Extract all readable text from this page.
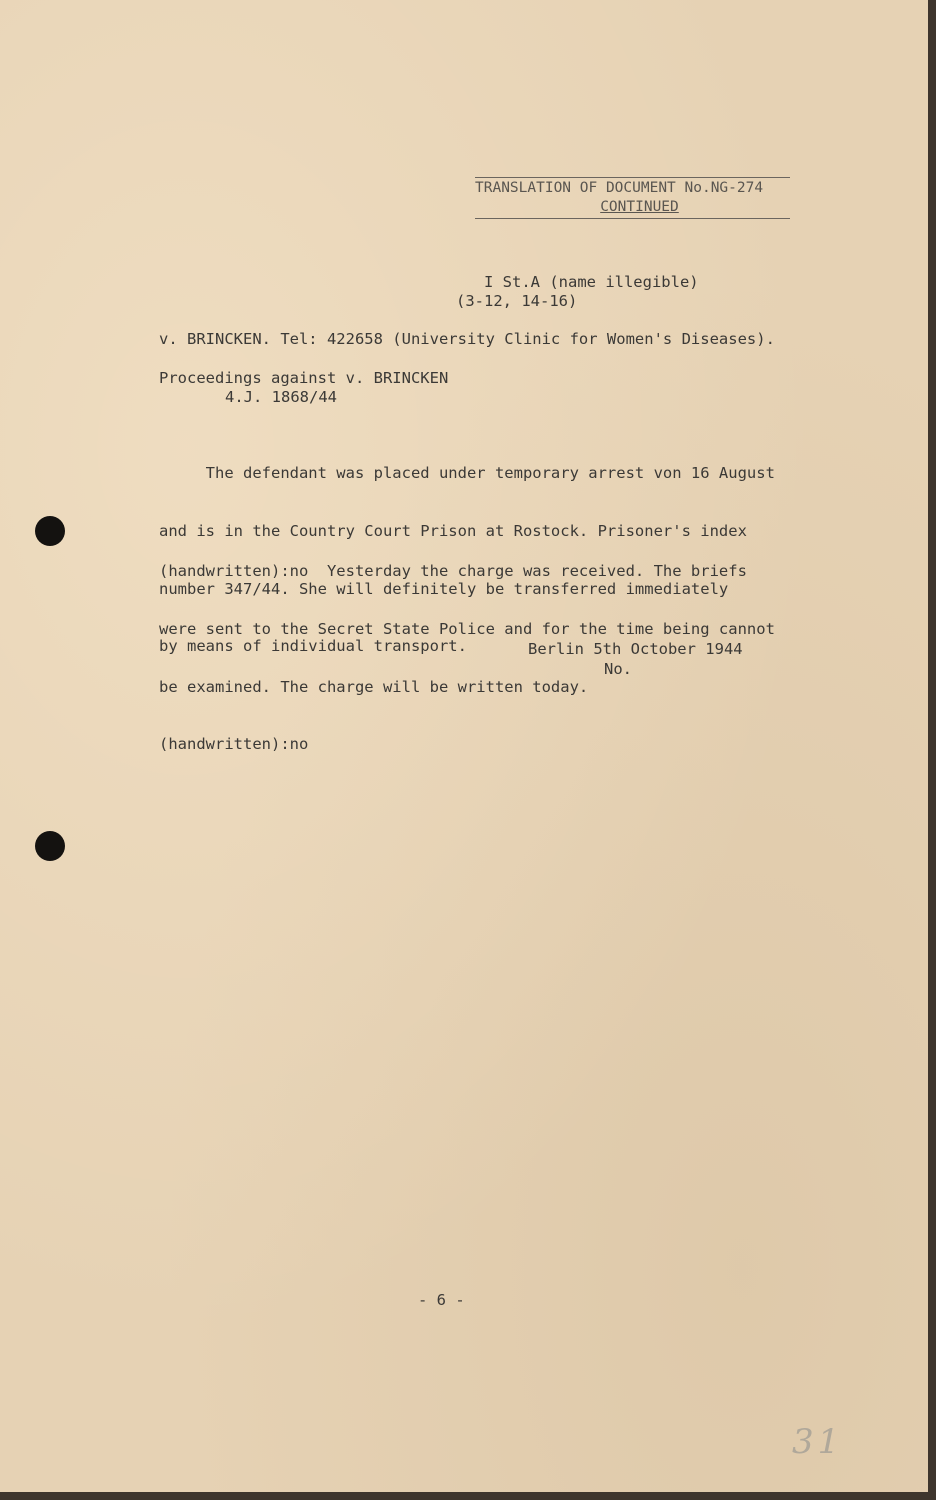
TRANSLATION OF DOCUMENT No.NG-274
CONTINUED
I St.A (name illegible)
(3-12, 14-16)
v. BRINCKEN. Tel: 422658 (University Clinic for Women's Diseases).
Proceedings against v. BRINCKEN
4.J. 1868/44

The defendant was placed under temporary arrest von 16 August

and is in the Country Court Prison at Rostock. Prisoner's index

number 347/44. She will definitely be transferred immediately

by means of individual transport.

(handwritten):no  Yesterday the charge was received. The briefs

were sent to the Secret State Police and for the time being cannot

be examined. The charge will be written today.

(handwritten):no

Berlin 5th October 1944
No.
- 6 -
31
